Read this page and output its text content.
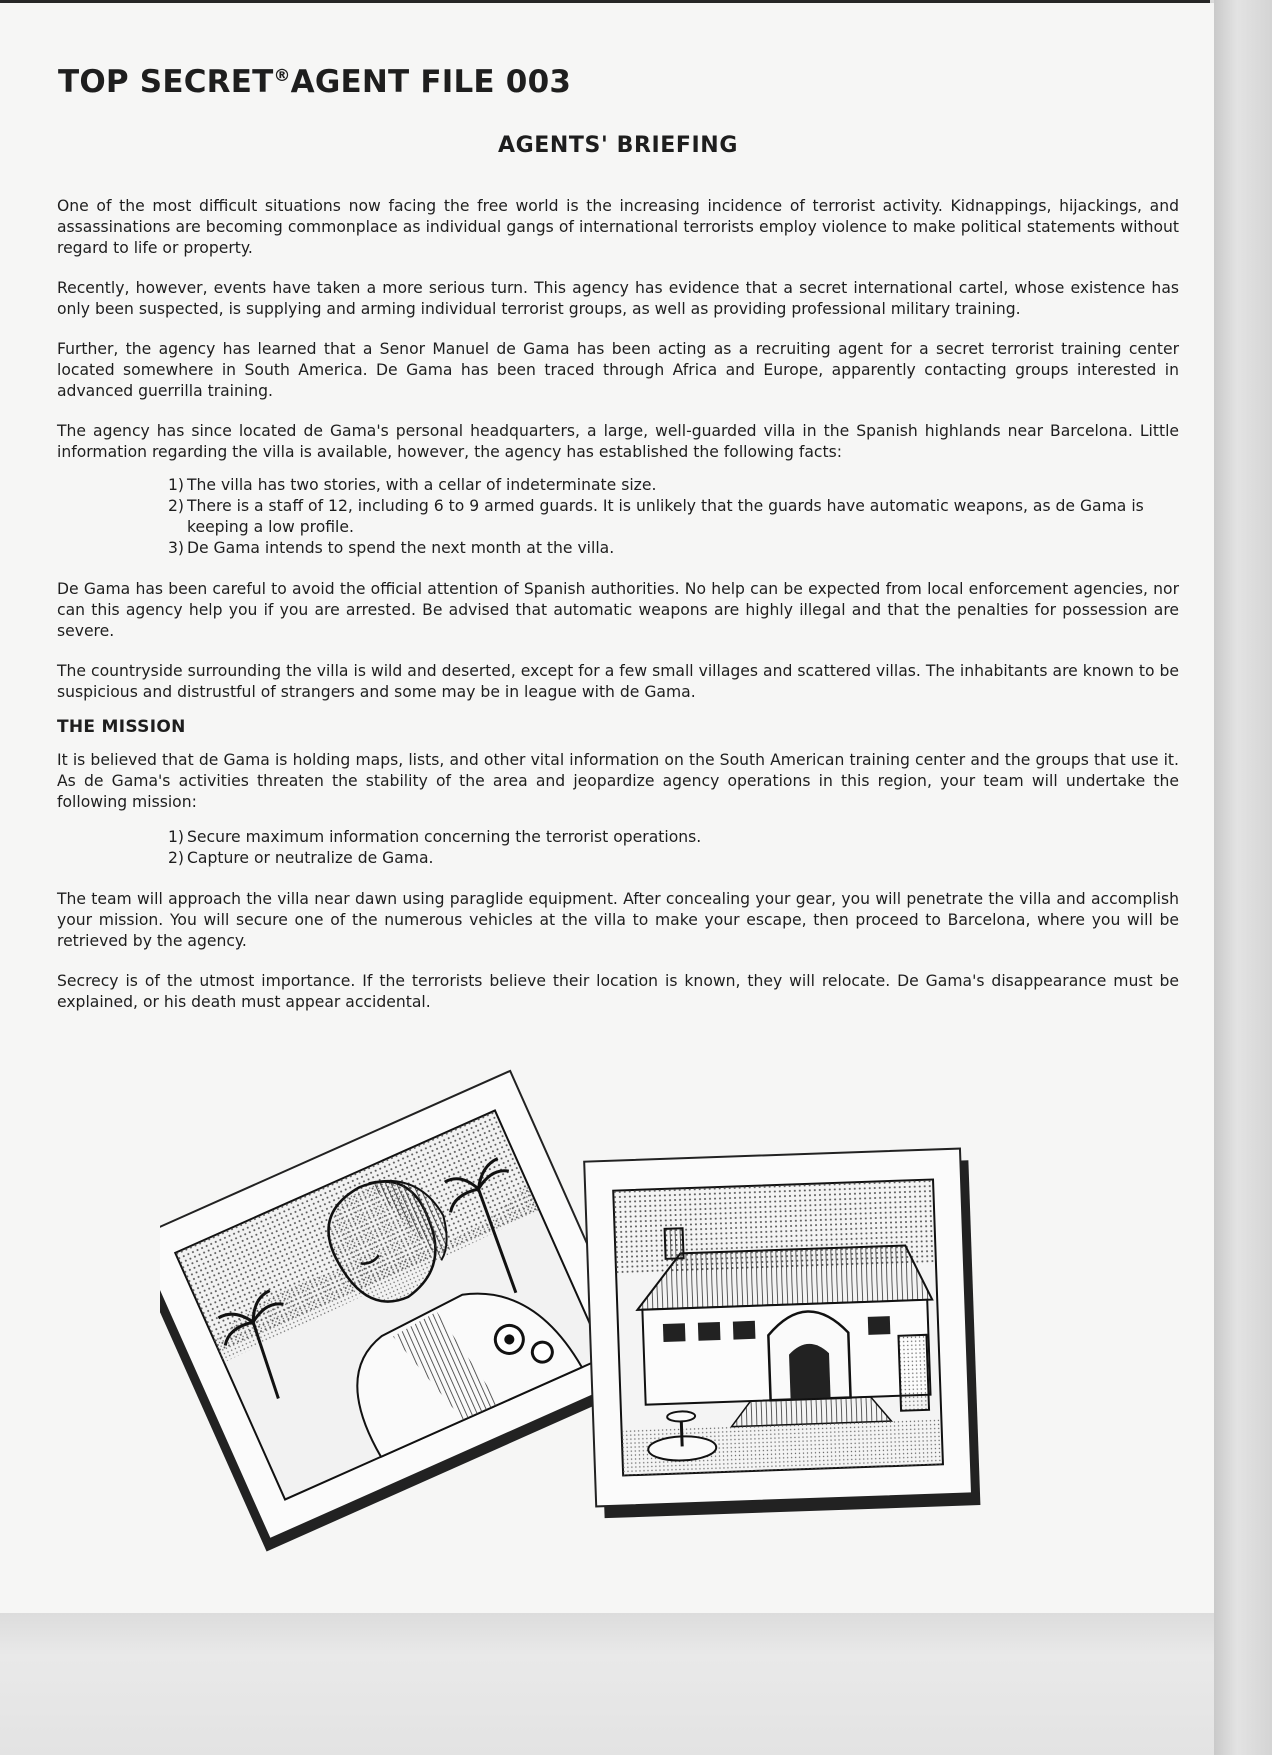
TOP SECRET®AGENT FILE 003
AGENTS' BRIEFING

One of the most difficult situations now facing the free world is the increasing incidence of terrorist activity. Kidnappings, hijackings, and assassinations are becoming commonplace as individual gangs of international terrorists employ violence to make political statements without regard to life or property.

Recently, however, events have taken a more serious turn. This agency has evidence that a secret international cartel, whose existence has only been suspected, is supplying and arming individual terrorist groups, as well as providing professional military training.

Further, the agency has learned that a Senor Manuel de Gama has been acting as a recruiting agent for a secret terrorist training center located somewhere in South America. De Gama has been traced through Africa and Europe, apparently contacting groups interested in advanced guerrilla training.

The agency has since located de Gama's personal headquarters, a large, well-guarded villa in the Spanish highlands near Barcelona. Little information regarding the villa is available, however, the agency has established the following facts:

1) The villa has two stories, with a cellar of indeterminate size.
2) There is a staff of 12, including 6 to 9 armed guards. It is unlikely that the guards have automatic weapons, as de Gama is keeping a low profile.
3) De Gama intends to spend the next month at the villa.

De Gama has been careful to avoid the official attention of Spanish authorities. No help can be expected from local enforcement agencies, nor can this agency help you if you are arrested. Be advised that automatic weapons are highly illegal and that the penalties for possession are severe.

The countryside surrounding the villa is wild and deserted, except for a few small villages and scattered villas. The inhabitants are known to be suspicious and distrustful of strangers and some may be in league with de Gama.

THE MISSION

It is believed that de Gama is holding maps, lists, and other vital information on the South American training center and the groups that use it. As de Gama's activities threaten the stability of the area and jeopardize agency operations in this region, your team will undertake the following mission:

1) Secure maximum information concerning the terrorist operations.
2) Capture or neutralize de Gama.

The team will approach the villa near dawn using paraglide equipment. After concealing your gear, you will penetrate the villa and accomplish your mission. You will secure one of the numerous vehicles at the villa to make your escape, then proceed to Barcelona, where you will be retrieved by the agency.

Secrecy is of the utmost importance. If the terrorists believe their location is known, they will relocate. De Gama's disappearance must be explained, or his death must appear accidental.
